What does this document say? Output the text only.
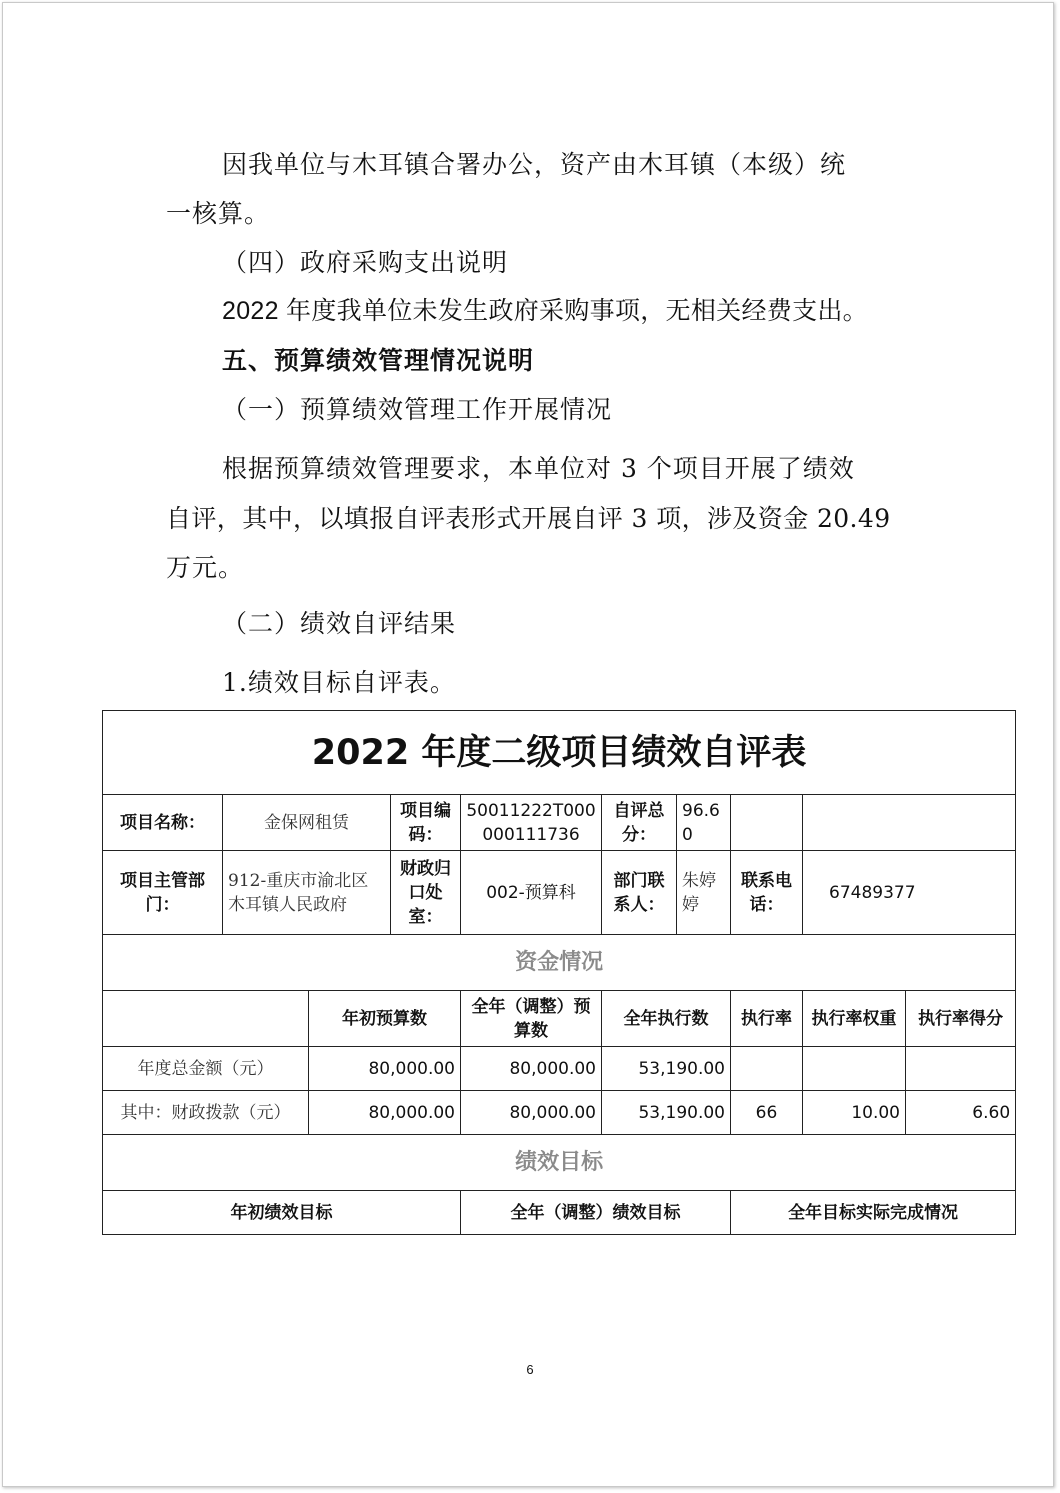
因我单位与木耳镇合署办公，资产由木耳镇（本级）统
一核算。
（四）政府采购支出说明
2022 年度我单位未发生政府采购事项，无相关经费支出。
五、预算绩效管理情况说明
（一）预算绩效管理工作开展情况
根据预算绩效管理要求，本单位对 3 个项目开展了绩效
自评，其中，以填报自评表形式开展自评 3 项，涉及资金 20.49
万元。
（二）绩效自评结果
1.绩效目标自评表。
2022 年度二级项目绩效自评表									
项目名称：	金保网租赁		项目编码：	50011222T000000111736	自评总分：	96.60			
项目主管部门：	912-重庆市渝北区木耳镇人民政府		财政归口处室：	002-预算科	部门联系人：	朱婷婷	联系电话：	67489377	
资金情况									
		年初预算数		全年（调整）预算数	全年执行数		执行率	执行率权重	执行率得分
年度总金额（元）		80,000.00		80,000.00	53,190.00				
其中：财政拨款（元）		80,000.00		80,000.00	53,190.00		66	10.00	6.60
绩效目标									
年初绩效目标				全年（调整）绩效目标			全年目标实际完成情况		
6
